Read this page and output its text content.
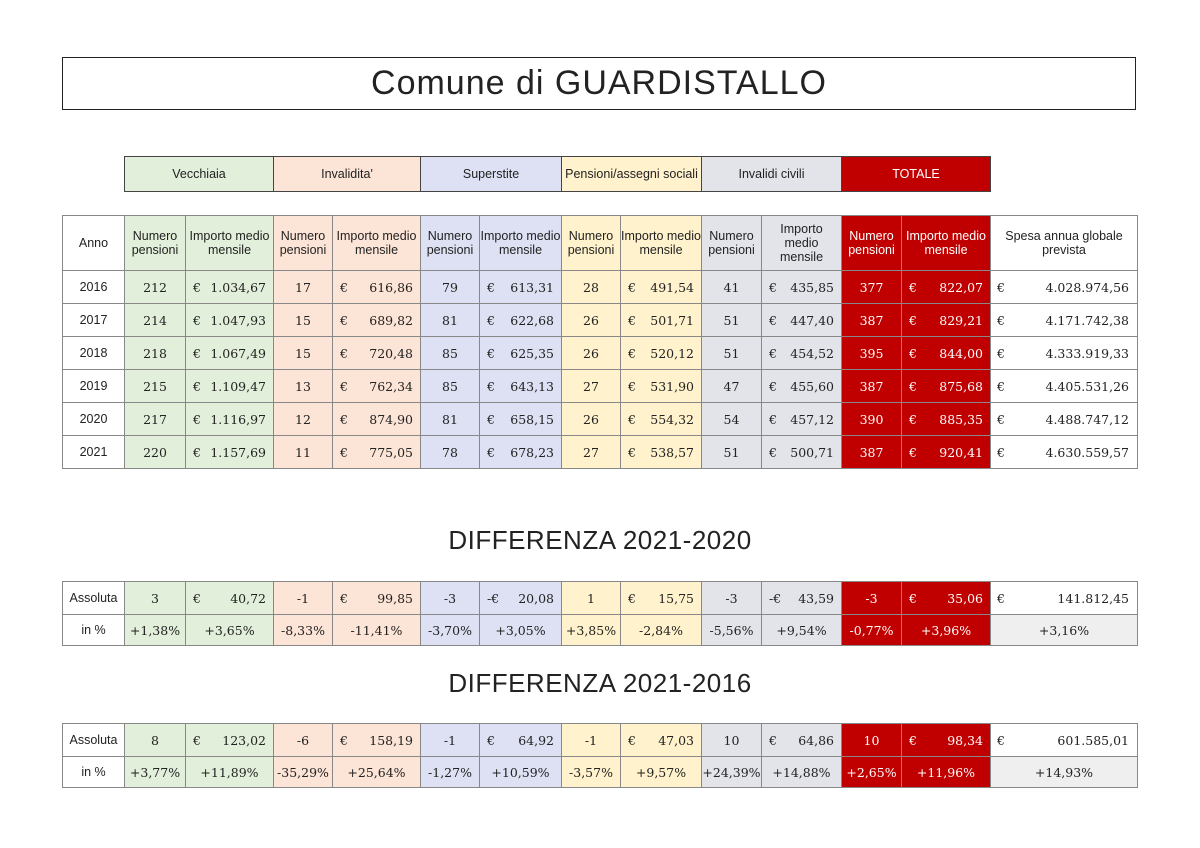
Comune di GUARDISTALLO
Vecchiaia	Invalidita'	Superstite	Pensioni/assegni sociali	Invalidi civili	TOTALE
Anno	Numero pensioni	Importo medio mensile	Numero pensioni	Importo medio mensile	Numero pensioni	Importo medio mensile	Numero pensioni	Importo medio mensile	Numero pensioni	Importo medio mensile	Numero pensioni	Importo medio mensile	Spesa annua globale prevista
2016	212	€ 1.034,67	17	€ 616,86	79	€ 613,31	28	€ 491,54	41	€ 435,85	377	€ 822,07	€ 4.028.974,56

2017	214	€ 1.047,93	15	€ 689,82	81	€ 622,68	26	€ 501,71	51	€ 447,40	387	€ 829,21	€ 4.171.742,38

2018	218	€ 1.067,49	15	€ 720,48	85	€ 625,35	26	€ 520,12	51	€ 454,52	395	€ 844,00	€ 4.333.919,33

2019	215	€ 1.109,47	13	€ 762,34	85	€ 643,13	27	€ 531,90	47	€ 455,60	387	€ 875,68	€ 4.405.531,26

2020	217	€ 1.116,97	12	€ 874,90	81	€ 658,15	26	€ 554,32	54	€ 457,12	390	€ 885,35	€ 4.488.747,12

2021	220	€ 1.157,69	11	€ 775,05	78	€ 678,23	27	€ 538,57	51	€ 500,71	387	€ 920,41	€ 4.630.559,57
DIFFERENZA 2021-2020
Assoluta	3	€ 40,72	-1	€ 99,85	-3	-€ 20,08	1	€ 15,75	-3	-€ 43,59	-3	€ 35,06	€ 141.812,45

in %	+1,38%	+3,65%	-8,33%	-11,41%	-3,70%	+3,05%	+3,85%	-2,84%	-5,56%	+9,54%	-0,77%	+3,96%	+3,16%
DIFFERENZA 2021-2016
Assoluta	8	€ 123,02	-6	€ 158,19	-1	€ 64,92	-1	€ 47,03	10	€ 64,86	10	€ 98,34	€ 601.585,01

in %	+3,77%	+11,89%	-35,29%	+25,64%	-1,27%	+10,59%	-3,57%	+9,57%	+24,39%	+14,88%	+2,65%	+11,96%	+14,93%
